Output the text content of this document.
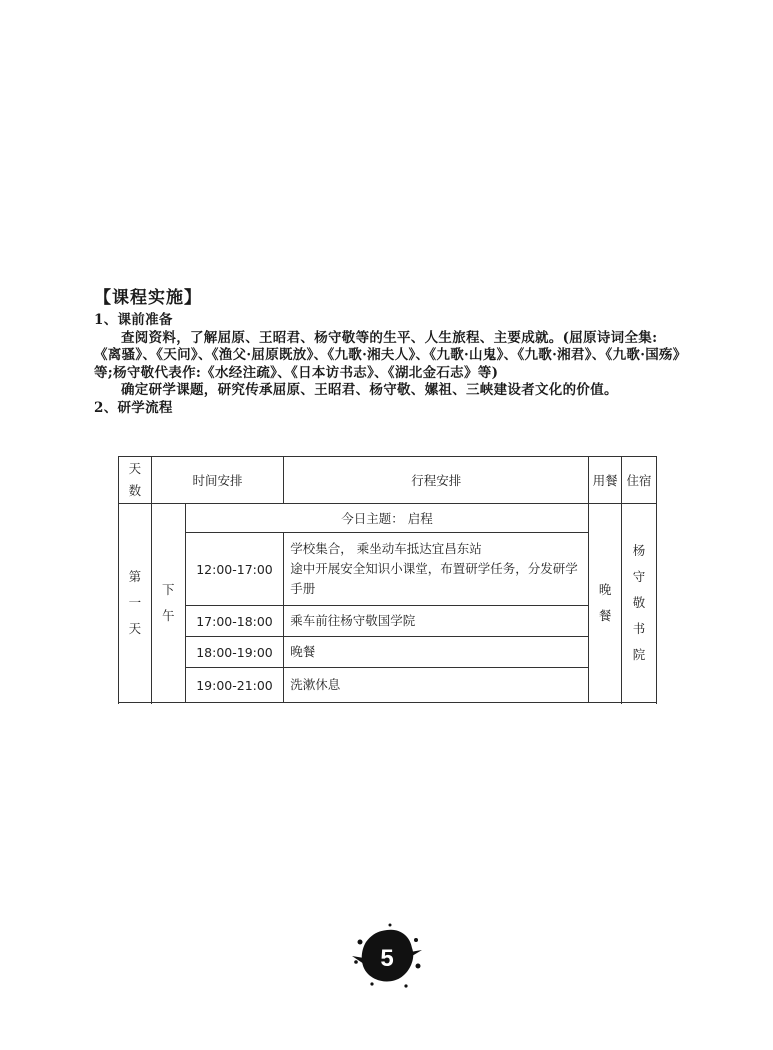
【课程实施】

1、课前准备

查阅资料，了解屈原、王昭君、杨守敬等的生平、人生旅程、主要成就。(屈原诗词全集:《离骚》、《天问》、《渔父·屈原既放》、《九歌·湘夫人》、《九歌·山鬼》、《九歌·湘君》、《九歌·国殇》等;杨守敬代表作:《水经注疏》、《日本访书志》、《湖北金石志》等)

确定研学课题，研究传承屈原、王昭君、杨守敬、嫘祖、三峡建设者文化的价值。

2、研学流程

天数	时间安排		行程安排	用餐	住宿
第一天	下午	今日主题： 启程		晚餐	杨守敬书院
		12:00-17:00	学校集合， 乘坐动车抵达宜昌东站
途中开展安全知识小课堂，布置研学任务，分发研学手册		

		17:00-18:00	乘车前往杨守敬国学院		
		18:00-19:00	晚餐		
		19:00-21:00	洗漱休息		

5
